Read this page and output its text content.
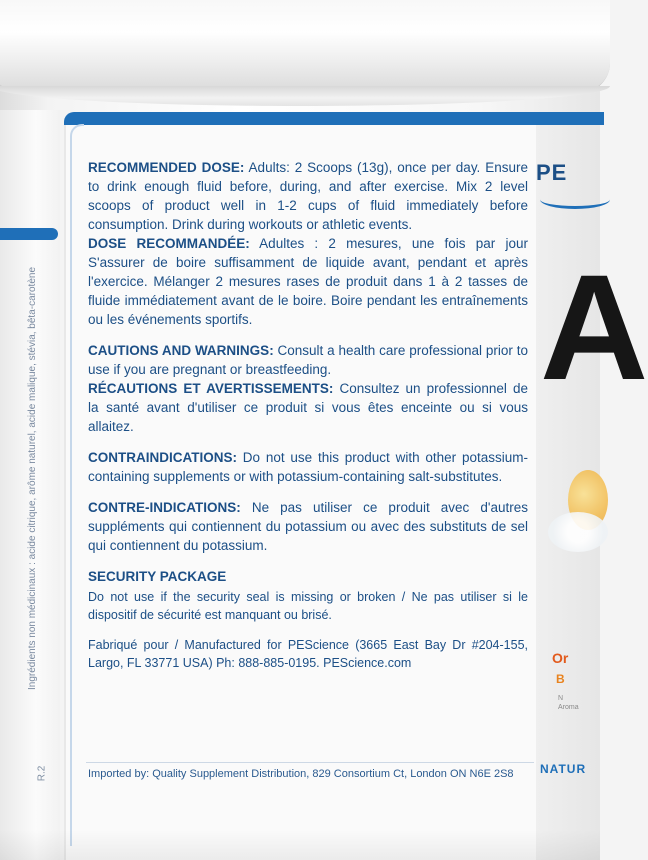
Ingrédients non médicinaux : acide citrique, arôme naturel, acide malique, stévia, bêta-carotène
R.2

RECOMMENDED DOSE: Adults: 2 Scoops (13g), once per day. Ensure to drink enough fluid before, during, and after exercise. Mix 2 level scoops of product well in 1-2 cups of fluid immediately before consumption. Drink during workouts or athletic events.

DOSE RECOMMANDÉE: Adultes : 2 mesures, une fois par jour S'assurer de boire suffisamment de liquide avant, pendant et après l'exercice. Mélanger 2 mesures rases de produit dans 1 à 2 tasses de fluide immédiatement avant de le boire. Boire pendant les entraînements ou les événements sportifs.

CAUTIONS AND WARNINGS: Consult a health care professional prior to use if you are pregnant or breastfeeding.

RÉCAUTIONS ET AVERTISSEMENTS: Consultez un professionnel de la santé avant d'utiliser ce produit si vous êtes enceinte ou si vous allaitez.

CONTRAINDICATIONS: Do not use this product with other potassium-containing supplements or with potassium-containing salt-substitutes.

CONTRE-INDICATIONS: Ne pas utiliser ce produit avec d'autres suppléments qui contiennent du potassium ou avec des substituts de sel qui contiennent du potassium.

SECURITY PACKAGE

Do not use if the security seal is missing or broken / Ne pas utiliser si le dispositif de sécurité est manquant ou brisé.

Fabriqué pour / Manufactured for PEScience (3665 East Bay Dr #204-155, Largo, FL 33771 USA) Ph: 888-885-0195. PEScience.com

Imported by: Quality Supplement Distribution, 829 Consortium Ct, London ON N6E 2S8
PE
A
Or
B
N
Aroma
NATUR
